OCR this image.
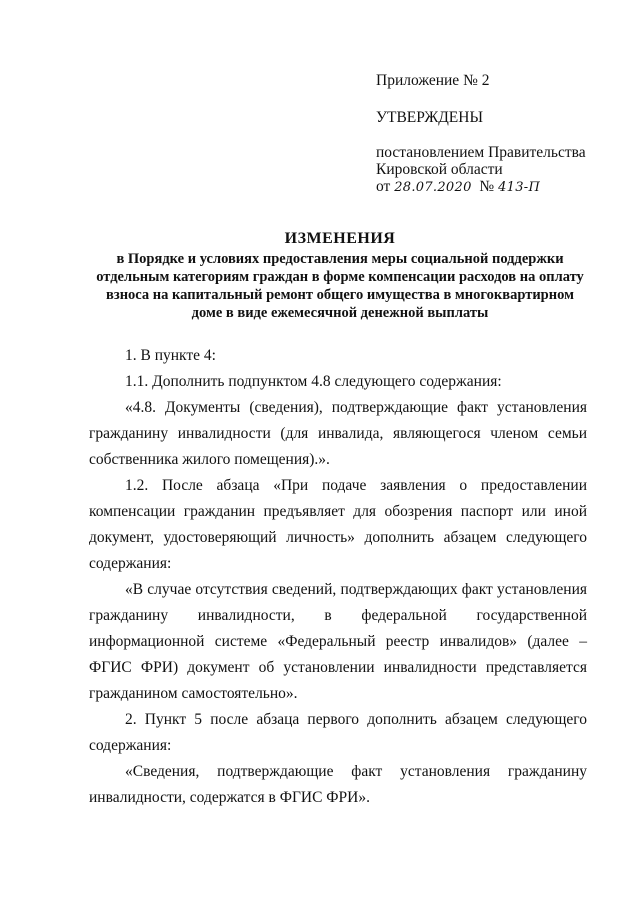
Приложение № 2
УТВЕРЖДЕНЫ
постановлением Правительства
Кировской области
от 28.07.2020 № 413-П
ИЗМЕНЕНИЯ
в Порядке и условиях предоставления меры социальной поддержки отдельным категориям граждан в форме компенсации расходов на оплату взноса на капитальный ремонт общего имущества в многоквартирном доме в виде ежемесячной денежной выплаты

1. В пункте 4:

1.1. Дополнить подпунктом 4.8 следующего содержания:

«4.8. Документы (сведения), подтверждающие факт установления гражданину инвалидности (для инвалида, являющегося членом семьи собственника жилого помещения).».

1.2. После абзаца «При подаче заявления о предоставлении компенсации гражданин предъявляет для обозрения паспорт или иной документ, удостоверяющий личность» дополнить абзацем следующего содержания:

«В случае отсутствия сведений, подтверждающих факт установления гражданину инвалидности, в федеральной государственной информационной системе «Федеральный реестр инвалидов» (далее – ФГИС ФРИ) документ об установлении инвалидности представляется гражданином самостоятельно».

2. Пункт 5 после абзаца первого дополнить абзацем следующего содержания:

«Сведения, подтверждающие факт установления гражданину инвалидности, содержатся в ФГИС ФРИ».
